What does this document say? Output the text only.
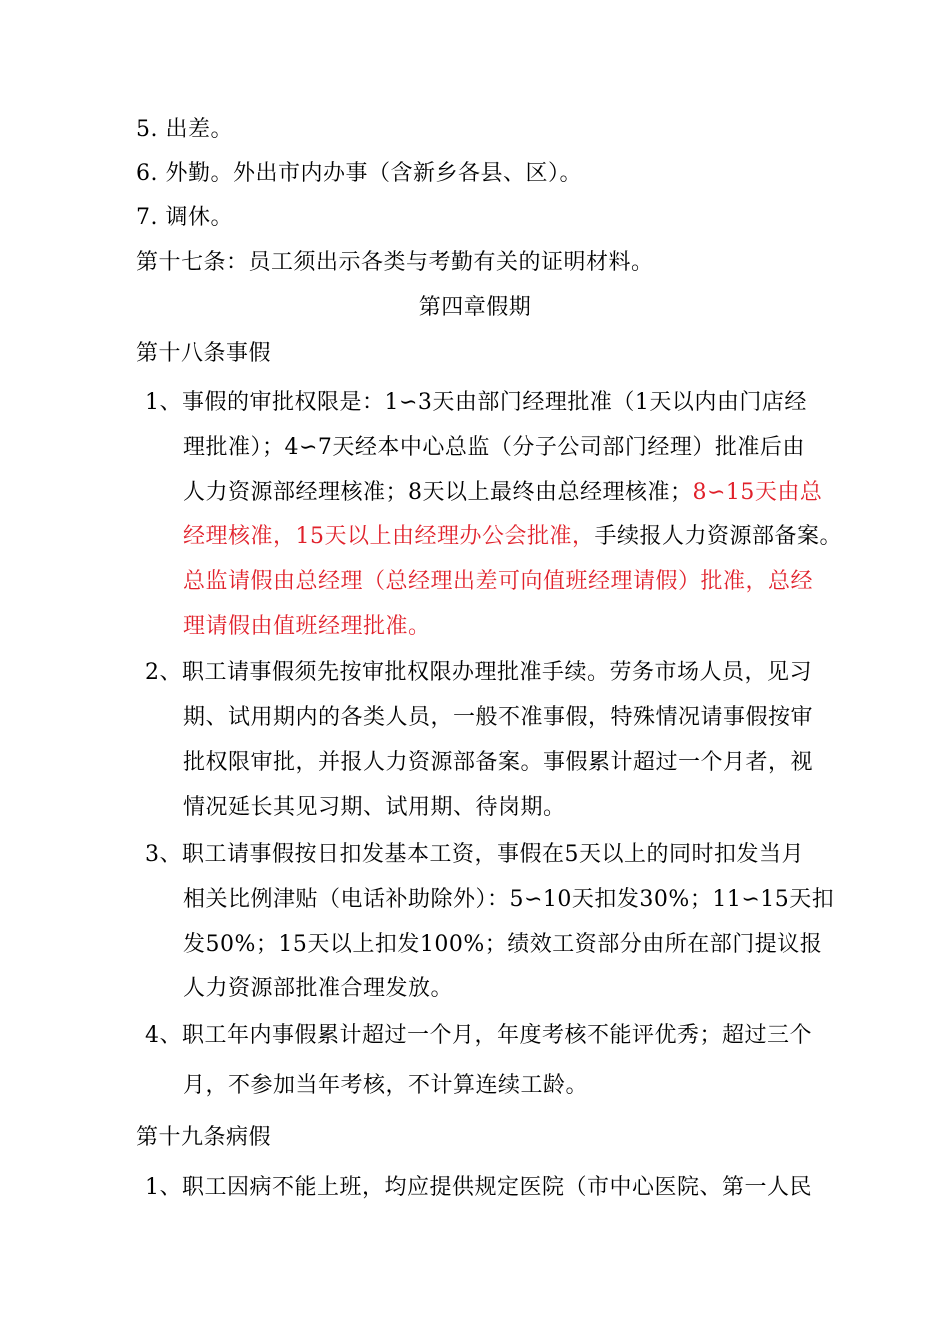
5. 出差。
6. 外勤。外出市内办事（含新乡各县、区）。
7. 调休。
第十七条：员工须出示各类与考勤有关的证明材料。
第四章假期
第十八条事假
1、事假的审批权限是：1∽3天由部门经理批准（1天以内由门店经
理批准）；4∽7天经本中心总监（分子公司部门经理）批准后由
人力资源部经理核准；8天以上最终由总经理核准；8∽15天由总
经理核准，15天以上由经理办公会批准，手续报人力资源部备案。
总监请假由总经理（总经理出差可向值班经理请假）批准，总经
理请假由值班经理批准。
2、职工请事假须先按审批权限办理批准手续。劳务市场人员，见习
期、试用期内的各类人员，一般不准事假，特殊情况请事假按审
批权限审批，并报人力资源部备案。事假累计超过一个月者，视
情况延长其见习期、试用期、待岗期。
3、职工请事假按日扣发基本工资，事假在5天以上的同时扣发当月
相关比例津贴（电话补助除外）：5∽10天扣发30%；11∽15天扣
发50%；15天以上扣发100%；绩效工资部分由所在部门提议报
人力资源部批准合理发放。
4、职工年内事假累计超过一个月，年度考核不能评优秀；超过三个
月，不参加当年考核，不计算连续工龄。
第十九条病假
1、职工因病不能上班，均应提供规定医院（市中心医院、第一人民
